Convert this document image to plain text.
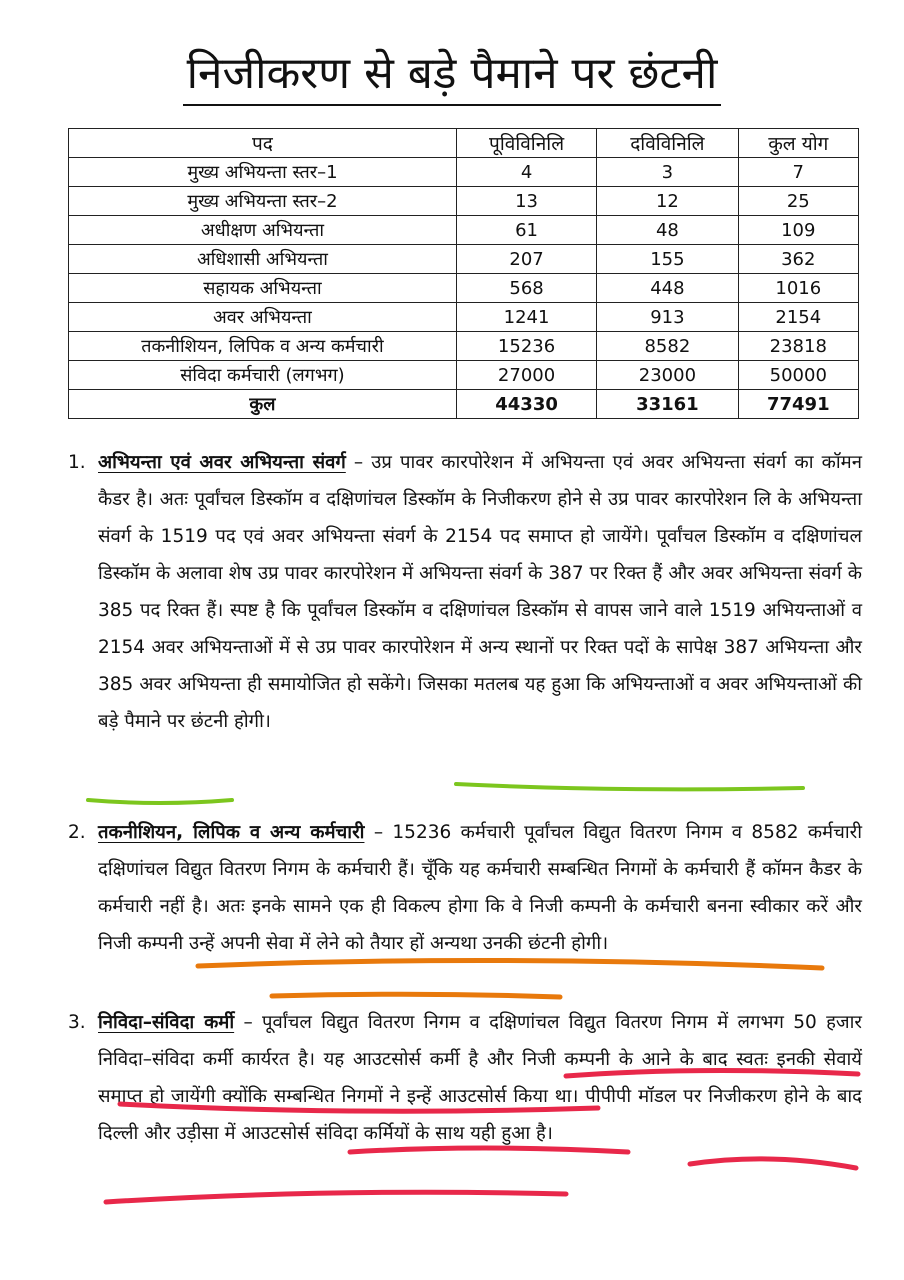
निजीकरण से बड़े पैमाने पर छंटनी
पद	पूविविनिलि	दविविनिलि	कुल योग
मुख्य अभियन्ता स्तर–1	4	3	7
मुख्य अभियन्ता स्तर–2	13	12	25
अधीक्षण अभियन्ता	61	48	109
अधिशासी अभियन्ता	207	155	362
सहायक अभियन्ता	568	448	1016
अवर अभियन्ता	1241	913	2154
तकनीशियन, लिपिक व अन्य कर्मचारी	15236	8582	23818
संविदा कर्मचारी (लगभग)	27000	23000	50000
कुल	44330	33161	77491

1. अभियन्ता एवं अवर अभियन्ता संवर्ग – उप्र पावर कारपोरेशन में अभियन्ता एवं अवर अभियन्ता संवर्ग का कॉमन कैडर है। अतः पूर्वांचल डिस्कॉम व दक्षिणांचल डिस्कॉम के निजीकरण होने से उप्र पावर कारपोरेशन लि के अभियन्ता संवर्ग के 1519 पद एवं अवर अभियन्ता संवर्ग के 2154 पद समाप्त हो जायेंगे। पूर्वांचल डिस्कॉम व दक्षिणांचल डिस्कॉम के अलावा शेष उप्र पावर कारपोरेशन में अभियन्ता संवर्ग के 387 पर रिक्त हैं और अवर अभियन्ता संवर्ग के 385 पद रिक्त हैं। स्पष्ट है कि पूर्वांचल डिस्कॉम व दक्षिणांचल डिस्कॉम से वापस जाने वाले 1519 अभियन्ताओं व 2154 अवर अभियन्ताओं में से उप्र पावर कारपोरेशन में अन्य स्थानों पर रिक्त पदों के सापेक्ष 387 अभियन्ता और 385 अवर अभियन्ता ही समायोजित हो सकेंगे। जिसका मतलब यह हुआ कि अभियन्ताओं व अवर अभियन्ताओं की बड़े पैमाने पर छंटनी होगी।

2. तकनीशियन, लिपिक व अन्य कर्मचारी – 15236 कर्मचारी पूर्वांचल विद्युत वितरण निगम व 8582 कर्मचारी दक्षिणांचल विद्युत वितरण निगम के कर्मचारी हैं। चूँकि यह कर्मचारी सम्बन्धित निगमों के कर्मचारी हैं कॉमन कैडर के कर्मचारी नहीं है। अतः इनके सामने एक ही विकल्प होगा कि वे निजी कम्पनी के कर्मचारी बनना स्वीकार करें और निजी कम्पनी उन्हें अपनी सेवा में लेने को तैयार हों अन्यथा उनकी छंटनी होगी।

3. निविदा–संविदा कर्मी – पूर्वांचल विद्युत वितरण निगम व दक्षिणांचल विद्युत वितरण निगम में लगभग 50 हजार निविदा–संविदा कर्मी कार्यरत है। यह आउटसोर्स कर्मी है और निजी कम्पनी के आने के बाद स्वतः इनकी सेवायें समाप्त हो जायेंगी क्योंकि सम्बन्धित निगमों ने इन्हें आउटसोर्स किया था। पीपीपी मॉडल पर निजीकरण होने के बाद दिल्ली और उड़ीसा में आउटसोर्स संविदा कर्मियों के साथ यही हुआ है।
